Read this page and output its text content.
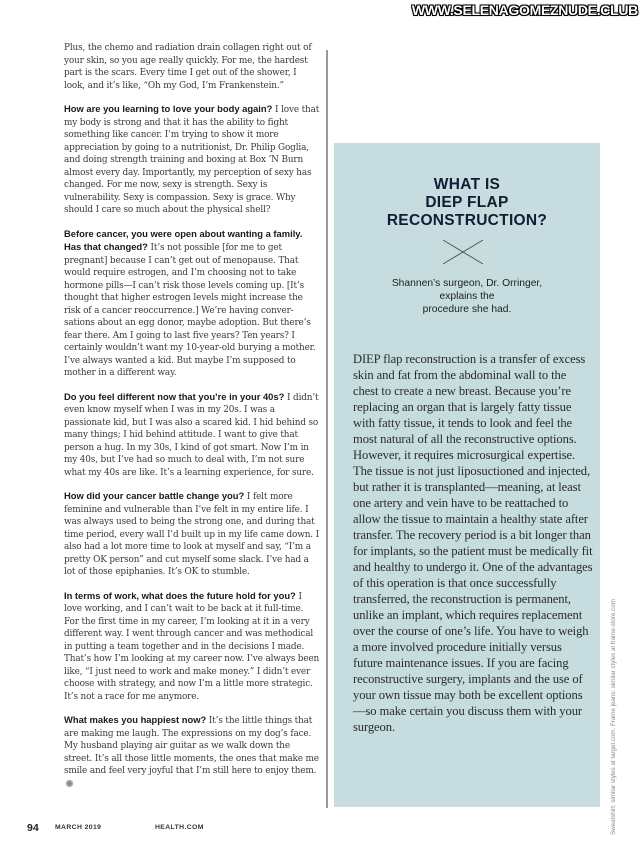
WWW.SELENAGOMEZNUDE.CLUB

Plus, the chemo and radiation drain collagen right out of your skin, so you age really quickly. For me, the hardest part is the scars. Every time I get out of the shower, I look, and it’s like, “Oh my God, I’m Frankenstein.”

How are you learning to love your body again? I love that my body is strong and that it has the ability to fight something like cancer. I’m trying to show it more appreciation by going to a nutritionist, Dr. Philip Goglia, and doing strength training and boxing at Box ’N Burn almost every day. Importantly, my perception of sexy has changed. For me now, sexy is strength. Sexy is vulnerability. Sexy is compassion. Sexy is grace. Why should I care so much about the physical shell?

Before cancer, you were open about wanting a family. Has that changed? It’s not possible [for me to get pregnant] because I can’t get out of menopause. That would require estrogen, and I’m choosing not to take hormone pills—I can’t risk those levels coming up. [It’s thought that higher estrogen levels might increase the risk of a cancer reoccurrence.] We’re having conver-sations about an egg donor, maybe adoption. But there’s fear there. Am I going to last five years? Ten years? I certainly wouldn’t want my 10-year-old burying a mother. I’ve always wanted a kid. But maybe I’m supposed to mother in a different way.

Do you feel different now that you’re in your 40s? I didn’t even know myself when I was in my 20s. I was a passionate kid, but I was also a scared kid. I hid behind so many things; I hid behind attitude. I want to give that person a hug. In my 30s, I kind of got smart. Now I’m in my 40s, but I’ve had so much to deal with, I’m not sure what my 40s are like. It’s a learning experience, for sure.

How did your cancer battle change you? I felt more feminine and vulnerable than I’ve felt in my entire life. I was always used to being the strong one, and during that time period, every wall I’d built up in my life came down. I also had a lot more time to look at myself and say, “I’m a pretty OK person” and cut myself some slack. I’ve had a lot of those epiphanies. It’s OK to stumble.

In terms of work, what does the future hold for you? I love working, and I can’t wait to be back at it full-time. For the first time in my career, I’m looking at it in a very different way. I went through cancer and was methodical in putting a team together and in the decisions I made. That’s how I’m looking at my career now. I’ve always been like, “I just need to work and make money.” I didn’t ever choose with strategy, and now I’m a little more strategic. It’s not a race for me anymore.

What makes you happiest now? It’s the little things that are making me laugh. The expressions on my dog’s face. My husband playing air guitar as we walk down the street. It’s all those little moments, the ones that make me smile and feel very joyful that I’m still here to enjoy them.

WHAT IS
DIEP FLAP
RECONSTRUCTION?
Shannen’s surgeon, Dr. Orringer,
explains the
procedure she had.
DIEP flap reconstruction is a transfer of excess skin and fat from the abdominal wall to the chest to create a new breast. Because you’re replacing an organ that is largely fatty tissue with fatty tissue, it tends to look and feel the most natural of all the reconstructive options. However, it requires microsurgical expertise. The tissue is not just liposuctioned and injected, but rather it is transplanted—meaning, at least one artery and vein have to be reattached to allow the tissue to maintain a healthy state after transfer. The recovery period is a bit longer than for implants, so the patient must be medically fit and healthy to undergo it. One of the advantages of this operation is that once successfully transferred, the reconstruction is permanent, unlike an implant, which requires replacement over the course of one’s life. You have to weigh a more involved procedure initially versus future maintenance issues. If you are facing reconstructive surgery, implants and the use of your own tissue may both be excellent options—so make certain you discuss them with your surgeon.	Sweatshirt: similar styles at target.com. Frame jeans: similar styles at frame-store.com
94 MARCH 2019	HEALTH.COM
